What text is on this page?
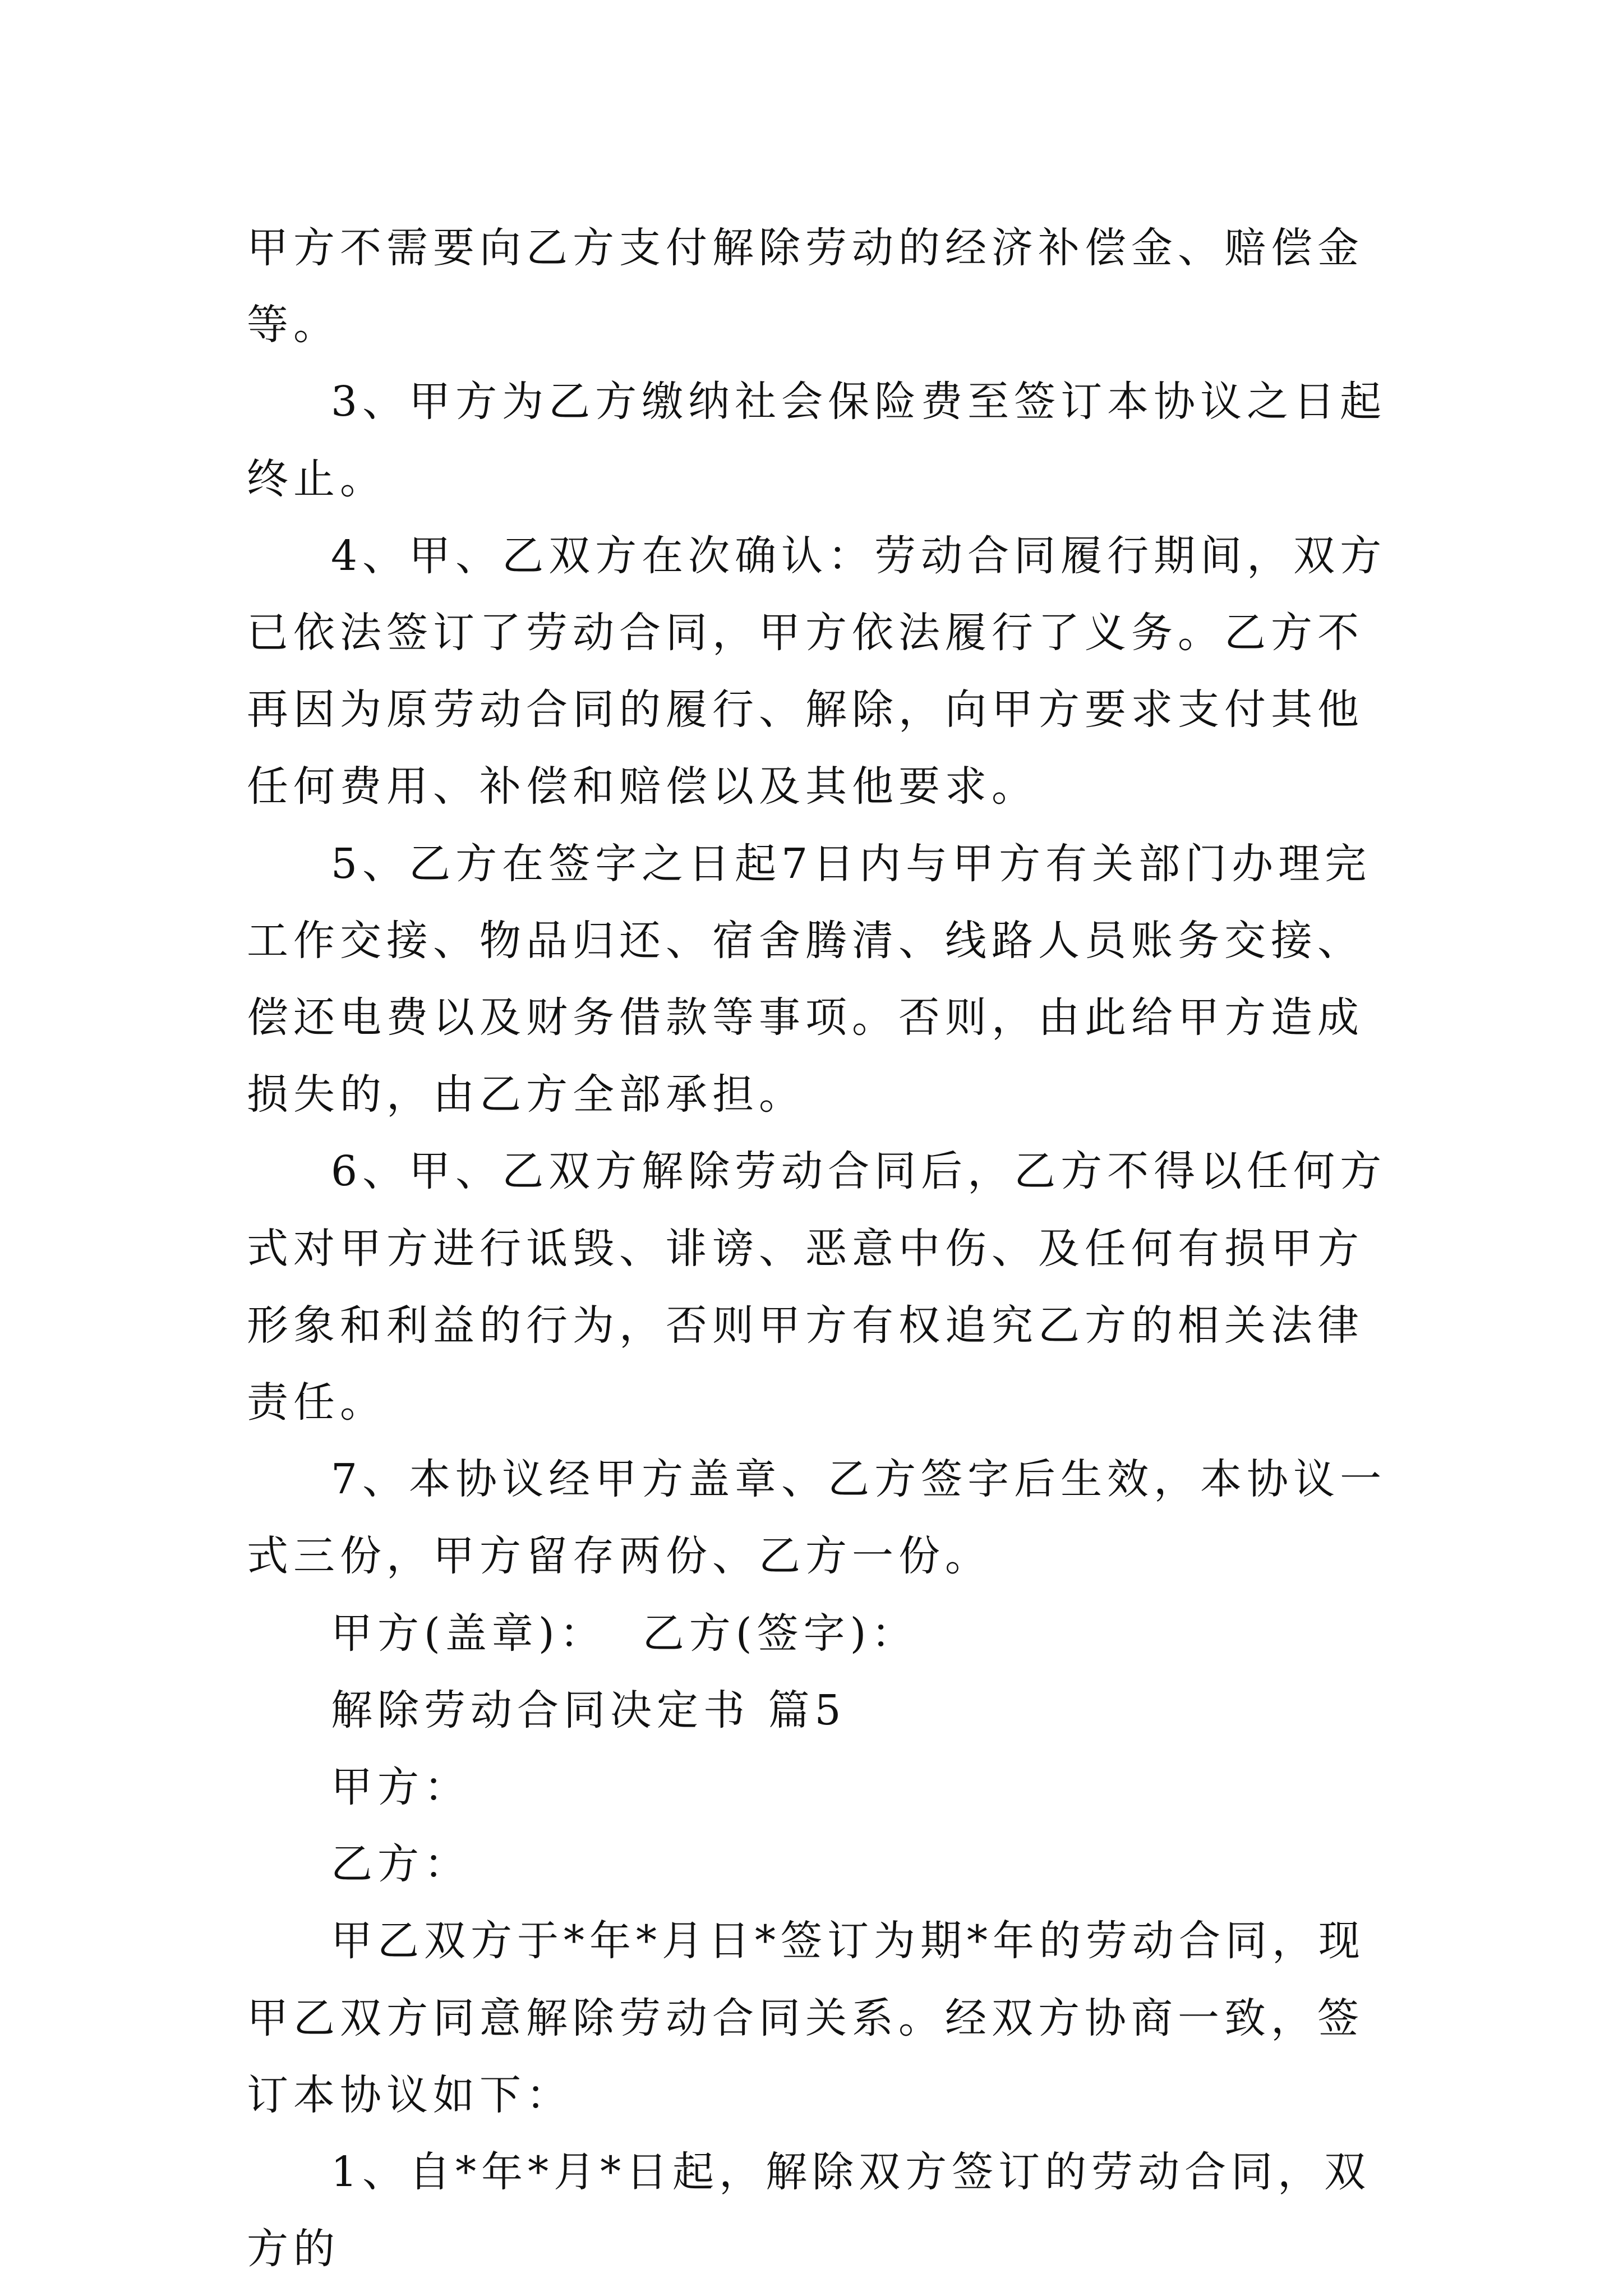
甲方不需要向乙方支付解除劳动的经济补偿金、赔偿金等。

3、甲方为乙方缴纳社会保险费至签订本协议之日起终止。

4、甲、乙双方在次确认：劳动合同履行期间，双方已依法签订了劳动合同，甲方依法履行了义务。乙方不再因为原劳动合同的履行、解除，向甲方要求支付其他任何费用、补偿和赔偿以及其他要求。

5、乙方在签字之日起7日内与甲方有关部门办理完工作交接、物品归还、宿舍腾清、线路人员账务交接、偿还电费以及财务借款等事项。否则，由此给甲方造成损失的，由乙方全部承担。

6、甲、乙双方解除劳动合同后，乙方不得以任何方式对甲方进行诋毁、诽谤、恶意中伤、及任何有损甲方形象和利益的行为，否则甲方有权追究乙方的相关法律责任。

7、本协议经甲方盖章、乙方签字后生效，本协议一式三份，甲方留存两份、乙方一份。

甲方(盖章)：  乙方(签字)：

解除劳动合同决定书 篇5

甲方：

乙方：

甲乙双方于*年*月日*签订为期*年的劳动合同，现甲乙双方同意解除劳动合同关系。经双方协商一致，签订本协议如下：

1、自*年*月*日起，解除双方签订的劳动合同，双方的
